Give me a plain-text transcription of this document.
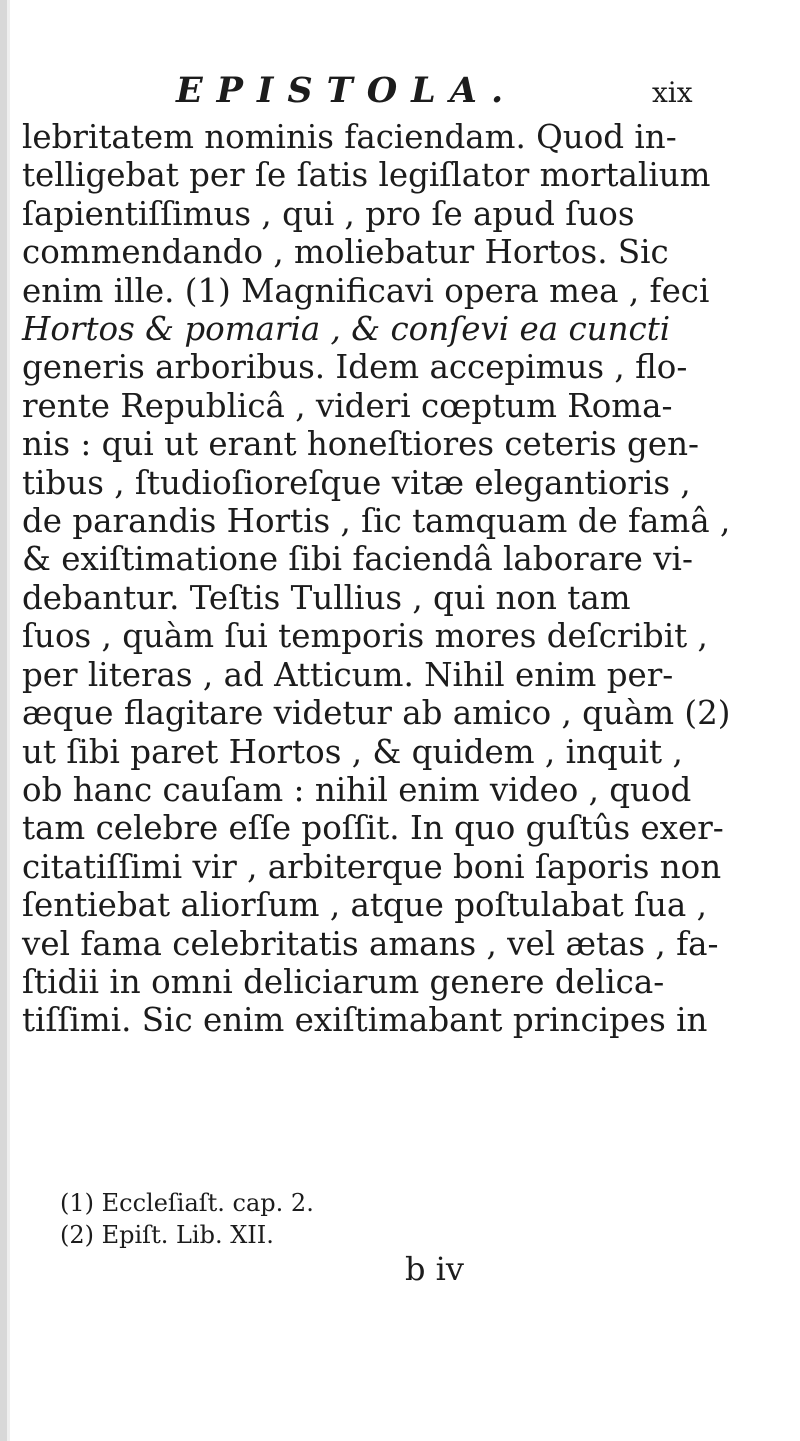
EPISTOLA.	xix
lebritatem nominis faciendam. Quod in-
telligebat per ſe ſatis legiſlator mortalium
ſapientiſſimus , qui , pro ſe apud ſuos
commendando , moliebatur Hortos. Sic
enim ille. (1) Magnificavi opera mea , feci
Hortos & pomaria , & conſevi ea cuncti
generis arboribus. Idem accepimus , flo-
rente Republicâ , videri cœptum Roma-
nis : qui ut erant honeſtiores ceteris gen-
tibus , ſtudioſioreſque vitæ elegantioris ,
de parandis Hortis , ſic tamquam de famâ ,
& exiſtimatione ſibi faciendâ laborare vi-
debantur. Teſtis Tullius , qui non tam
ſuos , quàm ſui temporis mores deſcribit ,
per literas , ad Atticum. Nihil enim per-
æque flagitare videtur ab amico , quàm (2)
ut ſibi paret Hortos , & quidem , inquit ,
ob hanc cauſam : nihil enim video , quod
tam celebre eſſe poſſit. In quo guſtûs exer-
citatiſſimi vir , arbiterque boni ſaporis non
ſentiebat aliorſum , atque poſtulabat ſua ,
vel fama celebritatis amans , vel ætas , fa-
ſtidii in omni deliciarum genere delica-
tiſſimi. Sic enim exiſtimabant principes in
(1) Eccleſiaſt. cap. 2.
(2) Epiſt. Lib. XII.
b iv
